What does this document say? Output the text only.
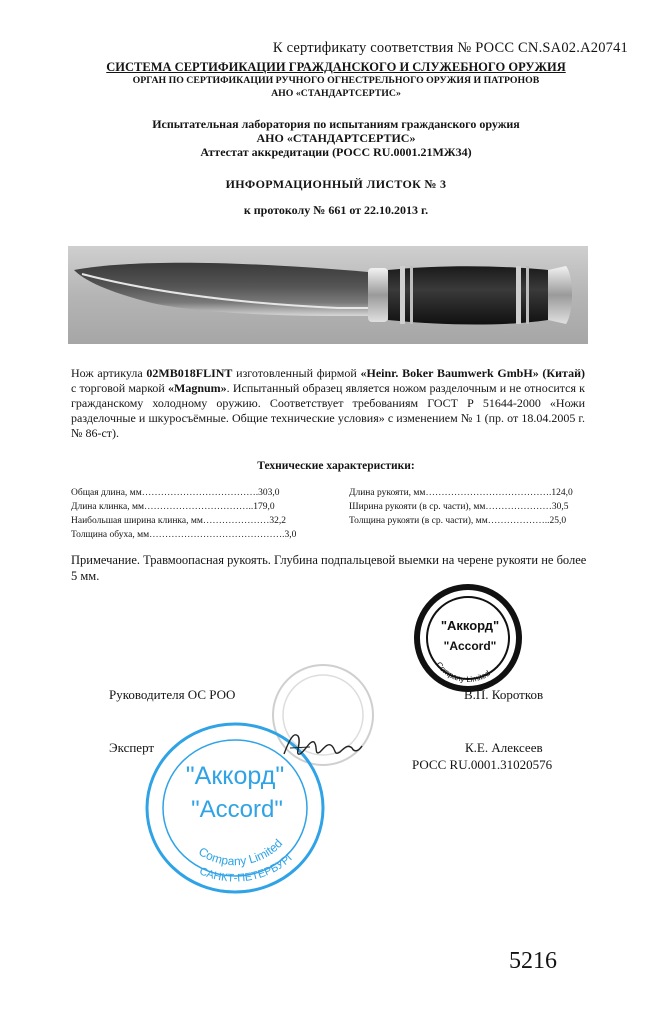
К сертификату соответствия № РОСС CN.SA02.A20741
СИСТЕМА СЕРТИФИКАЦИИ ГРАЖДАНСКОГО И СЛУЖЕБНОГО ОРУЖИЯ
ОРГАН ПО СЕРТИФИКАЦИИ РУЧНОГО ОГНЕСТРЕЛЬНОГО ОРУЖИЯ И ПАТРОНОВ
АНО «СТАНДАРТСЕРТИС»
Испытательная лаборатория по испытаниям гражданского оружия
АНО «СТАНДАРТСЕРТИС»
Аттестат аккредитации (РОСС RU.0001.21МЖ34)
ИНФОРМАЦИОННЫЙ ЛИСТОК № 3
к протоколу № 661 от 22.10.2013 г.
Нож артикула 02MB018FLINT изготовленный фирмой «Heinr. Boker Baumwerk GmbH» (Китай) с торговой маркой «Magnum». Испытанный образец является ножом разделочным и не относится к гражданскому холодному оружию. Соответствует требованиям ГОСТ Р 51644-2000 «Ножи разделочные и шкуросъёмные. Общие технические условия» с изменением № 1 (пр. от 18.04.2005 г. № 86-ст).
Технические характеристики:
Общая длина, мм……………………………….303,0
Длина клинка, мм……………………………..179,0
Наибольшая ширина клинка, мм…………………32,2
Толщина обуха, мм…………………………………….3,0
Длина рукояти, мм………………………………….124,0
Ширина рукояти (в ср. части), мм…………………30,5
Толщина рукояти (в ср. части), мм………………..25,0
Примечание. Травмоопасная рукоять. Глубина подпальцевой выемки на черене рукояти не более 5 мм.
Company Limited
"Аккорд"
"Accord"
Руководителя ОС РОО	В.П. Коротков
Эксперт	К.Е. Алексеев
РОСС RU.0001.31020576
Company Limited
САНКТ-ПЕТЕРБУРГ
"Аккорд"
"Accord"
5216
